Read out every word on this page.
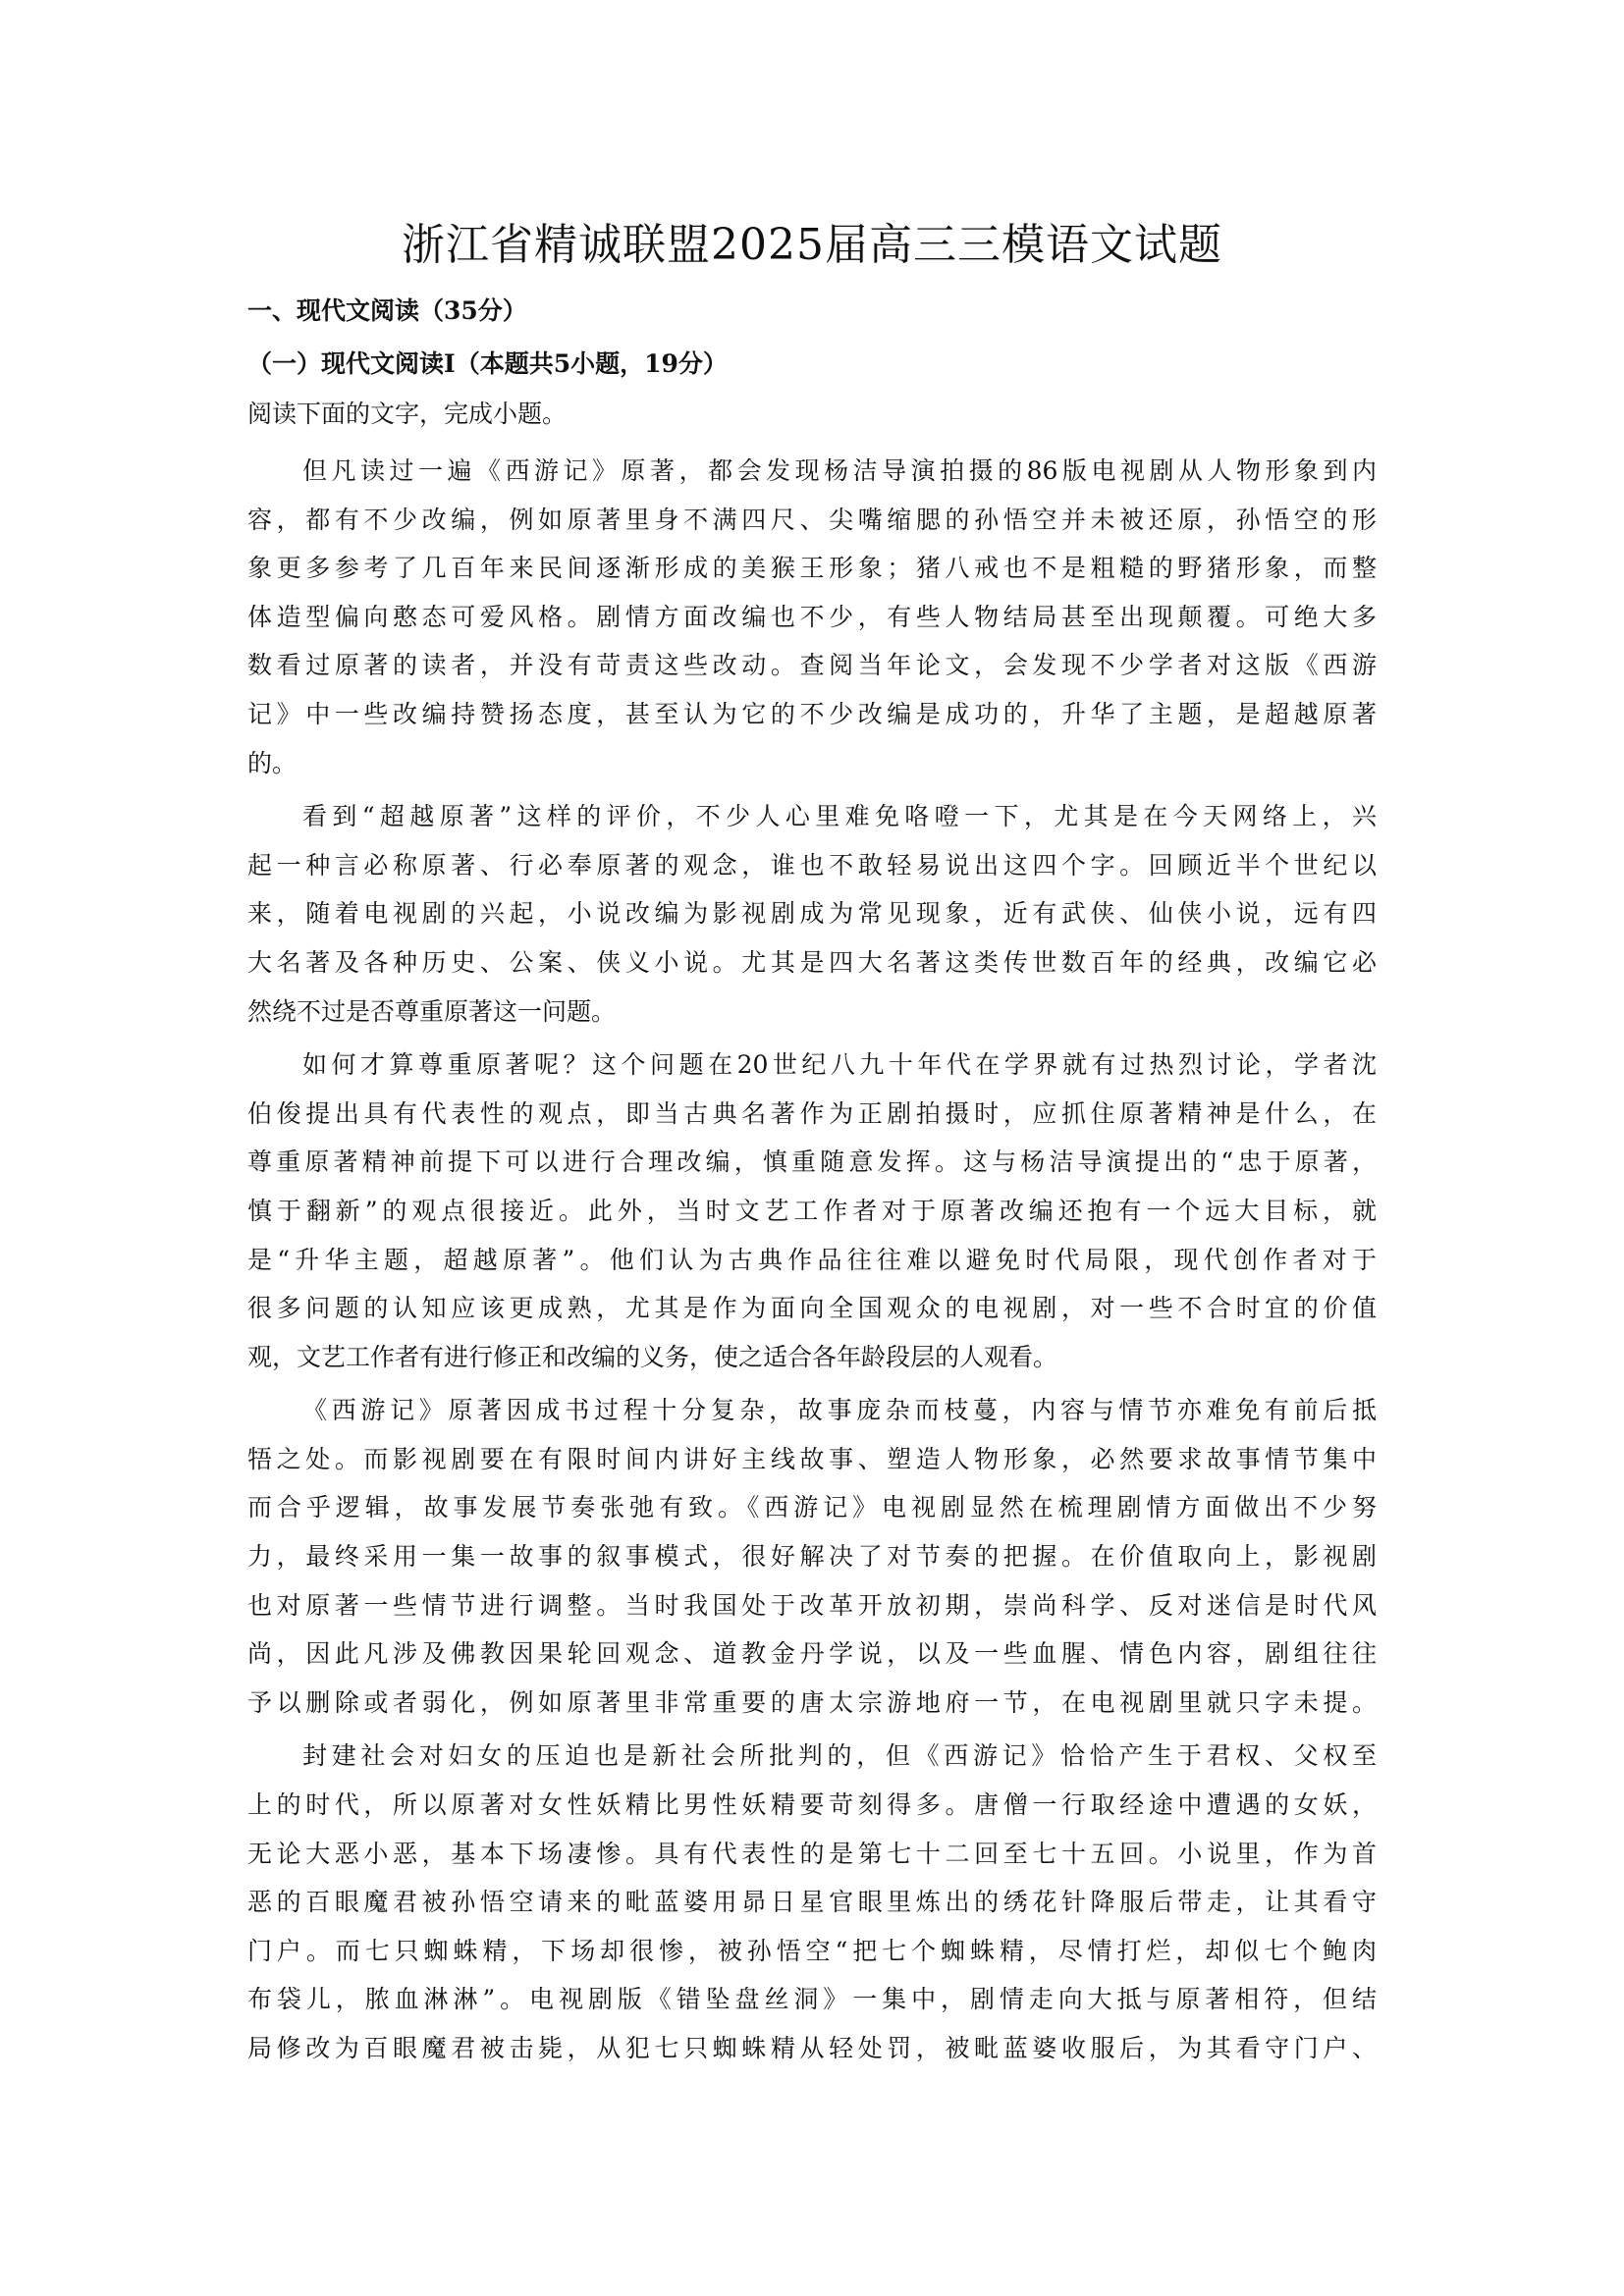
浙江省精诚联盟2025届高三三模语文试题
一、现代文阅读（35分）
（一）现代文阅读I（本题共5小题，19分）
阅读下面的文字，完成小题。
但凡读过一遍《西游记》原著，都会发现杨洁导演拍摄的86版电视剧从人物形象到内
容，都有不少改编，例如原著里身不满四尺、尖嘴缩腮的孙悟空并未被还原，孙悟空的形
象更多参考了几百年来民间逐渐形成的美猴王形象；猪八戒也不是粗糙的野猪形象，而整
体造型偏向憨态可爱风格。剧情方面改编也不少，有些人物结局甚至出现颠覆。可绝大多
数看过原著的读者，并没有苛责这些改动。查阅当年论文，会发现不少学者对这版《西游
记》中一些改编持赞扬态度，甚至认为它的不少改编是成功的，升华了主题，是超越原著
的。
看到“超越原著”这样的评价，不少人心里难免咯噔一下，尤其是在今天网络上，兴
起一种言必称原著、行必奉原著的观念，谁也不敢轻易说出这四个字。回顾近半个世纪以
来，随着电视剧的兴起，小说改编为影视剧成为常见现象，近有武侠、仙侠小说，远有四
大名著及各种历史、公案、侠义小说。尤其是四大名著这类传世数百年的经典，改编它必
然绕不过是否尊重原著这一问题。
如何才算尊重原著呢？这个问题在20世纪八九十年代在学界就有过热烈讨论，学者沈
伯俊提出具有代表性的观点，即当古典名著作为正剧拍摄时，应抓住原著精神是什么，在
尊重原著精神前提下可以进行合理改编，慎重随意发挥。这与杨洁导演提出的“忠于原著，
慎于翻新”的观点很接近。此外，当时文艺工作者对于原著改编还抱有一个远大目标，就
是“升华主题，超越原著”。他们认为古典作品往往难以避免时代局限，现代创作者对于
很多问题的认知应该更成熟，尤其是作为面向全国观众的电视剧，对一些不合时宜的价值
观，文艺工作者有进行修正和改编的义务，使之适合各年龄段层的人观看。
《西游记》原著因成书过程十分复杂，故事庞杂而枝蔓，内容与情节亦难免有前后抵
牾之处。而影视剧要在有限时间内讲好主线故事、塑造人物形象，必然要求故事情节集中
而合乎逻辑，故事发展节奏张弛有致。《西游记》电视剧显然在梳理剧情方面做出不少努
力，最终采用一集一故事的叙事模式，很好解决了对节奏的把握。在价值取向上，影视剧
也对原著一些情节进行调整。当时我国处于改革开放初期，崇尚科学、反对迷信是时代风
尚，因此凡涉及佛教因果轮回观念、道教金丹学说，以及一些血腥、情色内容，剧组往往
予以删除或者弱化，例如原著里非常重要的唐太宗游地府一节，在电视剧里就只字未提。
封建社会对妇女的压迫也是新社会所批判的，但《西游记》恰恰产生于君权、父权至
上的时代，所以原著对女性妖精比男性妖精要苛刻得多。唐僧一行取经途中遭遇的女妖，
无论大恶小恶，基本下场凄惨。具有代表性的是第七十二回至七十五回。小说里，作为首
恶的百眼魔君被孙悟空请来的毗蓝婆用昴日星官眼里炼出的绣花针降服后带走，让其看守
门户。而七只蜘蛛精，下场却很惨，被孙悟空“把七个蜘蛛精，尽情打烂，却似七个鲍肉
布袋儿，脓血淋淋”。电视剧版《错坠盘丝洞》一集中，剧情走向大抵与原著相符，但结
局修改为百眼魔君被击毙，从犯七只蜘蛛精从轻处罚，被毗蓝婆收服后，为其看守门户、
